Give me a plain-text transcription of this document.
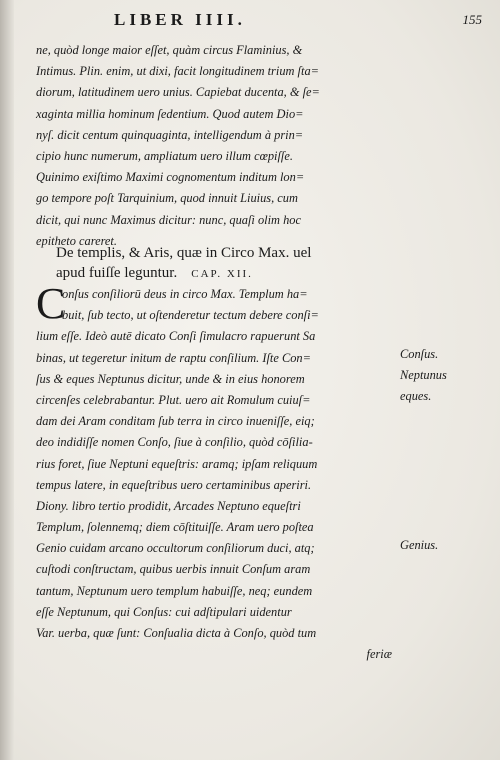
LIBER IIII.	155
ne, quòd longe maior eſſet, quàm circus Flaminius, &
Intimus. Plin. enim, ut dixi, facit longitudinem trium ſta=
diorum, latitudinem uero unius. Capiebat ducenta, & ſe=
xaginta millia hominum ſedentium. Quod autem Dio=
nyſ. dicit centum quinquaginta, intelligendum à prin=
cipio hunc numerum, ampliatum uero illum cœpiſſe.
Quinimo exiſtimo Maximi cognomentum inditum lon=
go tempore poſt Tarquinium, quod innuit Liuius, cum
dicit, qui nunc Maximus dicitur: nunc, quaſi olim hoc
epitheto careret.
De templis, & Aris, quæ in Circo Max. uel
apud fuiſſe leguntur. CAP. XII.
C
onſus conſiliorū deus in circo Max. Templum ha=
buit, ſub tecto, ut oſtenderetur tectum debere conſi=
lium eſſe. Ideò autē dicato Conſi ſimulacro rapuerunt Sa
binas, ut tegeretur initum de raptu conſilium. Iſte Con=
ſus & eques Neptunus dicitur, unde & in eius honorem
circenſes celebrabantur. Plut. uero ait Romulum cuiuſ=
dam dei Aram conditam ſub terra in circo inueniſſe, eiq;
deo indidiſſe nomen Conſo, ſiue à conſilio, quòd cōſilia-
rius foret, ſiue Neptuni equeſtris: aramq; ipſam reliquum
tempus latere, in equeſtribus uero certaminibus aperiri.
Diony. libro tertio prodidit, Arcades Neptuno equeſtri
Templum, ſolennemq; diem cōſtituiſſe. Aram uero poſtea
Genio cuidam arcano occultorum conſiliorum duci, atq;
cuſtodi conſtructam, quibus uerbis innuit Conſum aram
tantum, Neptunum uero templum habuiſſe, neq; eundem
eſſe Neptunum, qui Conſus: cui adſtipulari uidentur
Var. uerba, quæ ſunt: Conſualia dicta à Conſo, quòd tum
feriæ
Conſus.
Neptunus
eques.
Genius.
